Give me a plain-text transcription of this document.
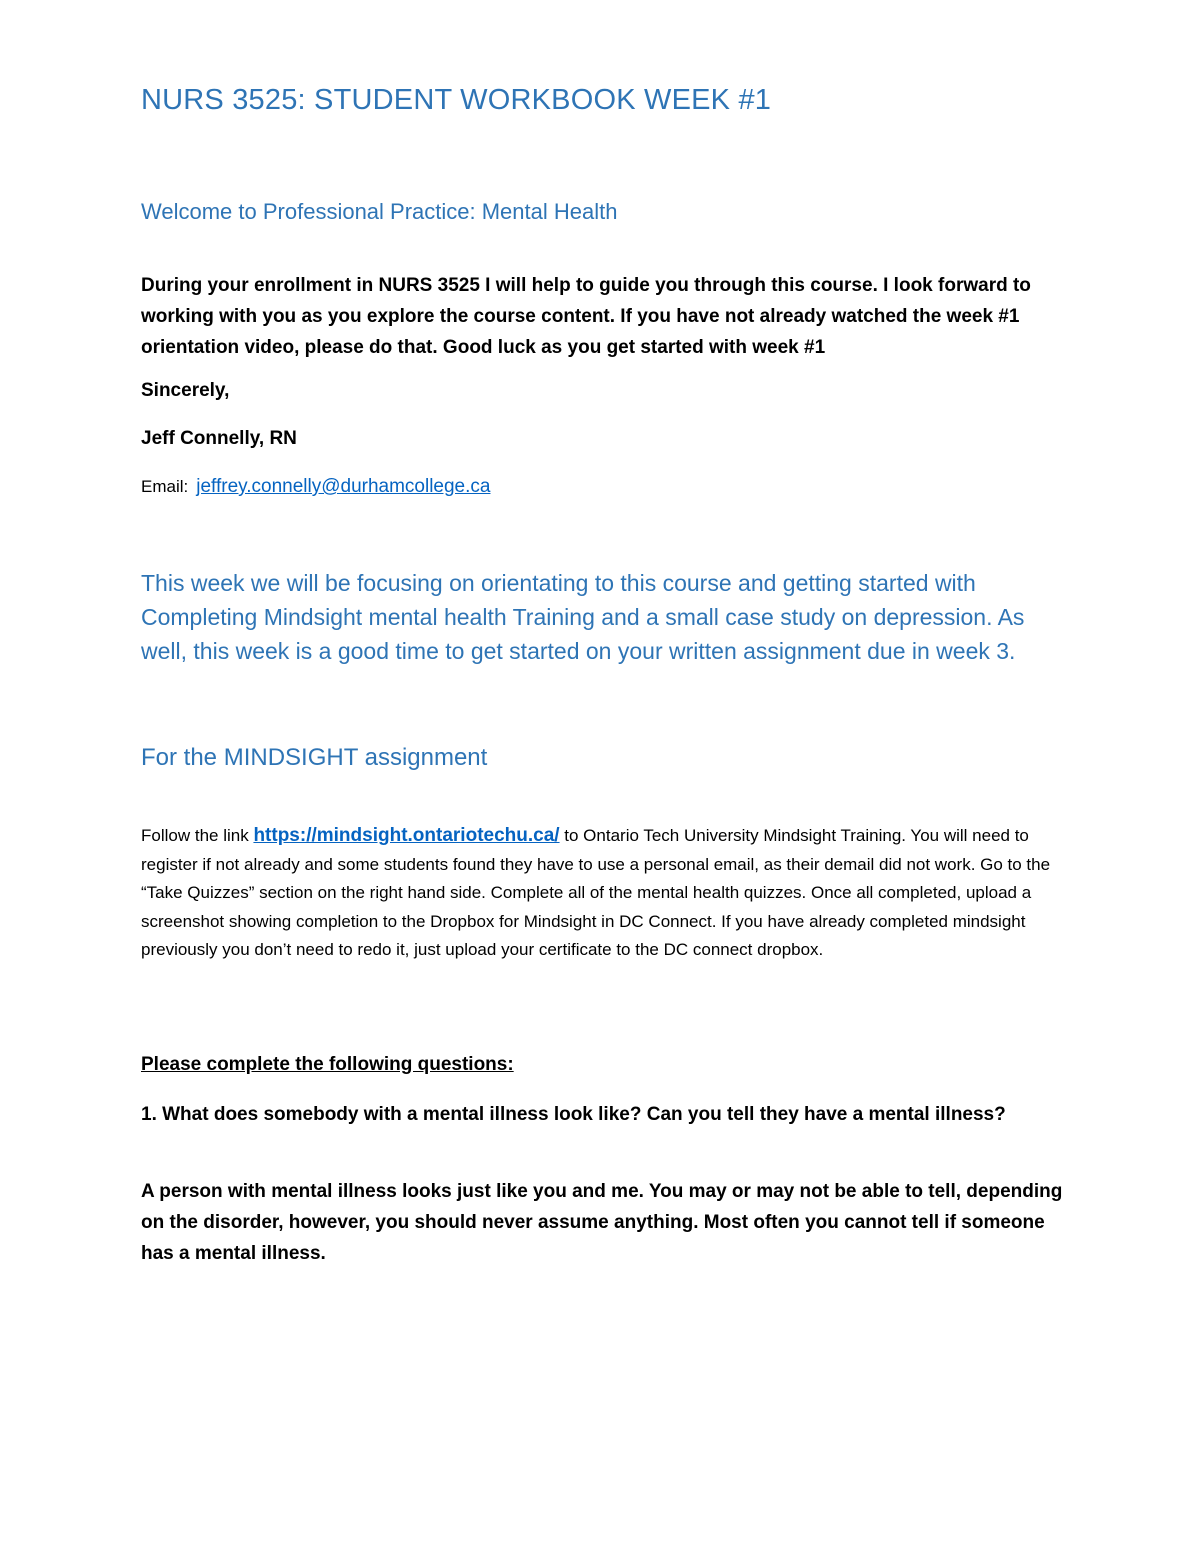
NURS 3525: STUDENT WORKBOOK WEEK #1
Welcome to Professional Practice: Mental Health

During your enrollment in NURS 3525 I will help to guide you through this course. I look forward to working with you as you explore the course content. If you have not already watched the week #1 orientation video, please do that. Good luck as you get started with week #1

Sincerely,

Jeff Connelly, RN

Email: jeffrey.connelly@durhamcollege.ca

This week we will be focusing on orientating to this course and getting started with Completing Mindsight mental health Training and a small case study on depression. As well, this week is a good time to get started on your written assignment due in week 3.

For the MINDSIGHT assignment

Follow the link https://mindsight.ontariotechu.ca/ to Ontario Tech University Mindsight Training. You will need to register if not already and some students found they have to use a personal email, as their demail did not work. Go to the “Take Quizzes” section on the right hand side. Complete all of the mental health quizzes. Once all completed, upload a screenshot showing completion to the Dropbox for Mindsight in DC Connect. If you have already completed mindsight previously you don’t need to redo it, just upload your certificate to the DC connect dropbox.

Please complete the following questions:

1. What does somebody with a mental illness look like? Can you tell they have a mental illness?

A person with mental illness looks just like you and me. You may or may not be able to tell, depending on the disorder, however, you should never assume anything. Most often you cannot tell if someone has a mental illness.
